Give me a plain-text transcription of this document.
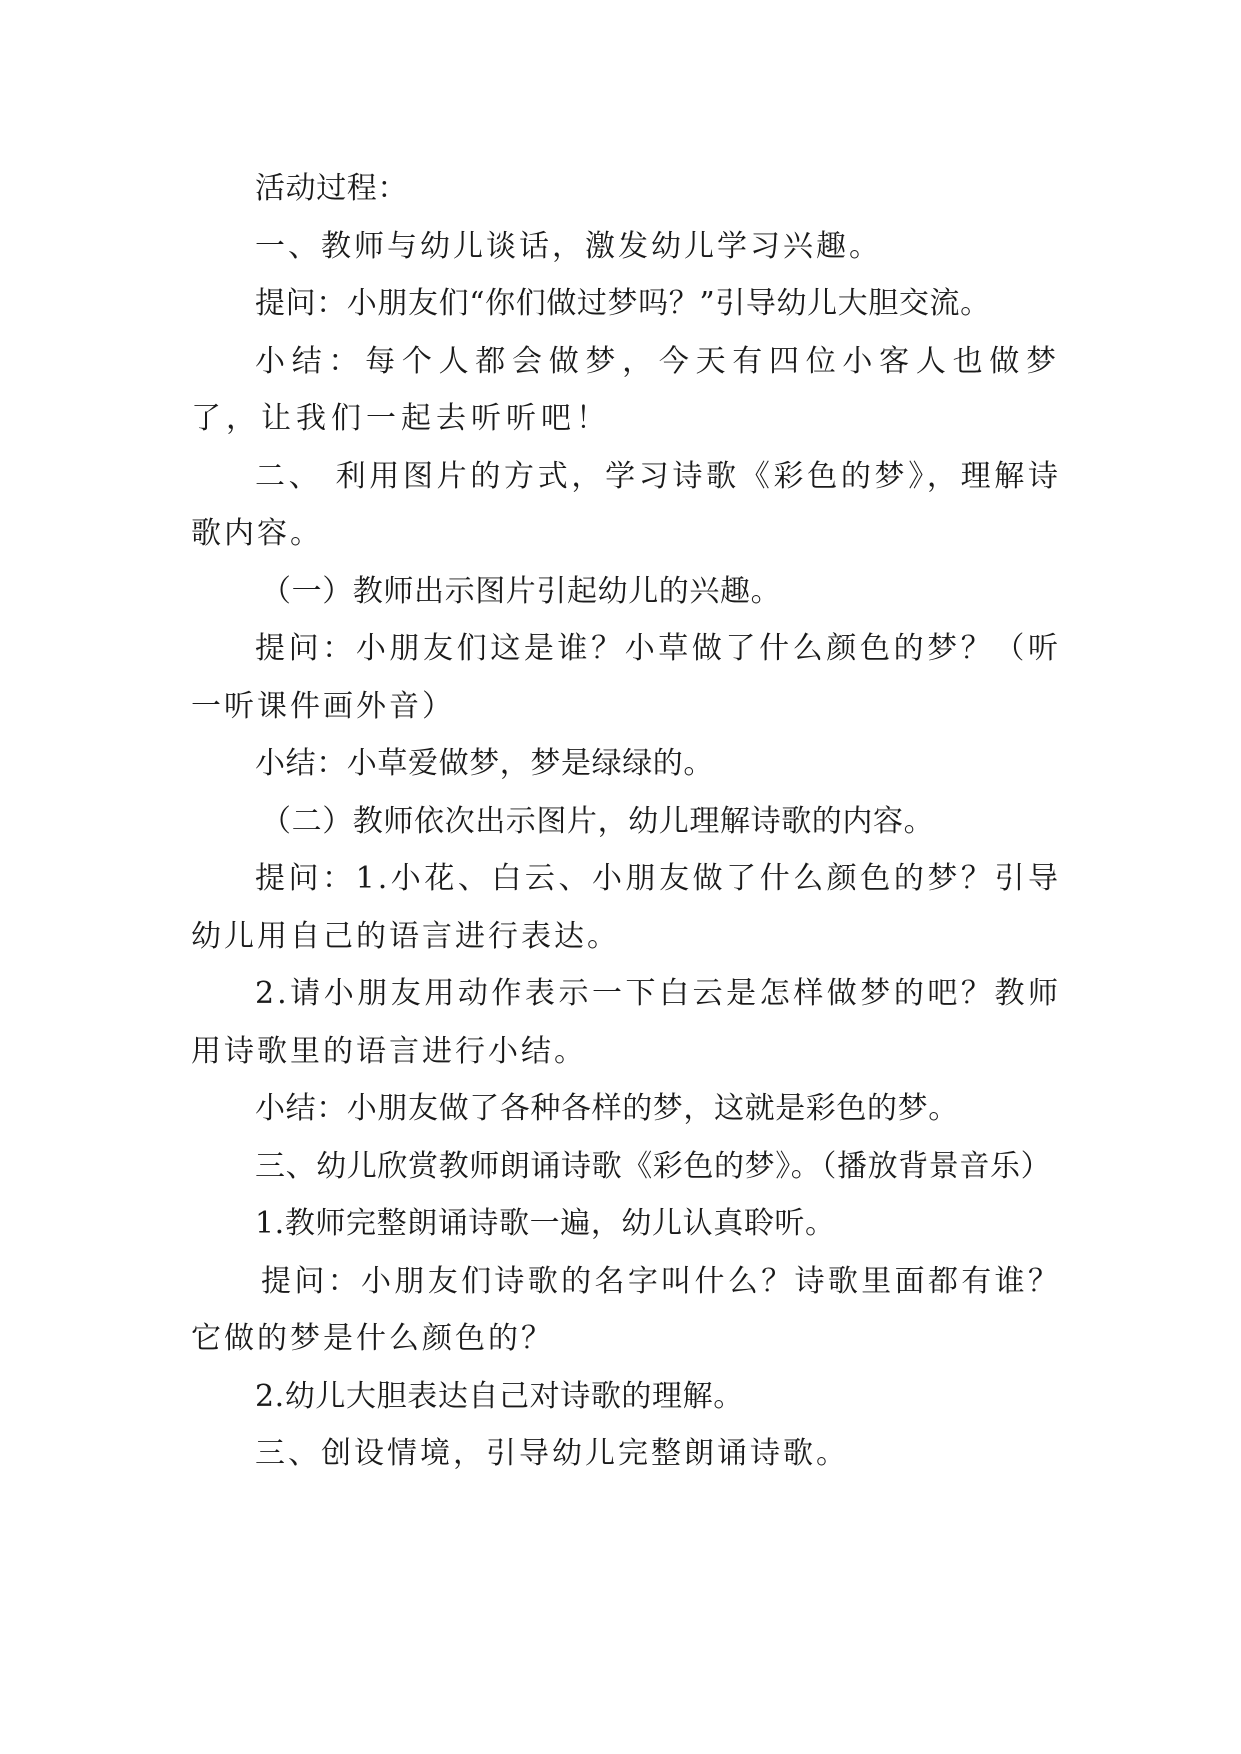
活动过程：

一、教师与幼儿谈话，激发幼儿学习兴趣。

提问：小朋友们“你们做过梦吗？”引导幼儿大胆交流。

小结：每个人都会做梦，今天有四位小客人也做梦了，让我们一起去听听吧！

二、 利用图片的方式，学习诗歌《彩色的梦》，理解诗歌内容。

（一）教师出示图片引起幼儿的兴趣。

提问：小朋友们这是谁？小草做了什么颜色的梦？（听一听课件画外音）

小结：小草爱做梦，梦是绿绿的。

（二）教师依次出示图片，幼儿理解诗歌的内容。

提问：1.小花、白云、小朋友做了什么颜色的梦？引导幼儿用自己的语言进行表达。

2.请小朋友用动作表示一下白云是怎样做梦的吧？教师用诗歌里的语言进行小结。

小结：小朋友做了各种各样的梦，这就是彩色的梦。

三、幼儿欣赏教师朗诵诗歌《彩色的梦》。（播放背景音乐）

1.教师完整朗诵诗歌一遍，幼儿认真聆听。

提问：小朋友们诗歌的名字叫什么？诗歌里面都有谁？它做的梦是什么颜色的？

2.幼儿大胆表达自己对诗歌的理解。

三、创设情境，引导幼儿完整朗诵诗歌。
